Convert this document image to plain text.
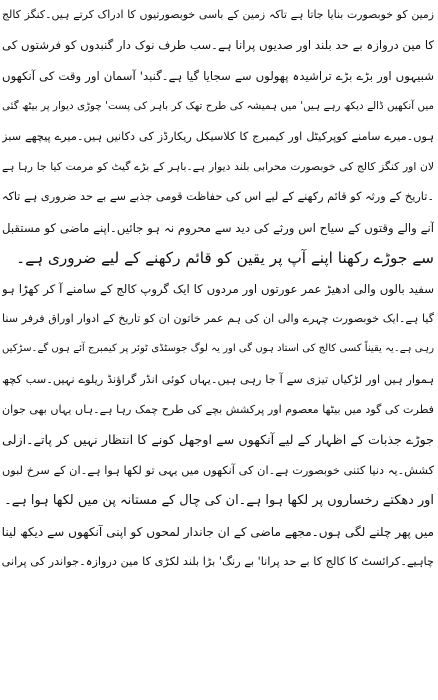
زمین کو خوبصورت بنایا جاتا ہے تاکہ زمین کے باسی خوبصورتیوں کا ادراک کرتے ہیں۔کنگز کالج
کا مین دروازہ بے حد بلند اور صدیوں پرانا ہے۔سب طرف نوک دار گنبدوں کو فرشتوں کی
شبیہوں اور بڑے بڑے تراشیدہ پھولوں سے سجایا گیا ہے۔گنبد' آسمان اور وقت کی آنکھوں
میں آنکھیں ڈالے دیکھ رہے ہیں' میں ہمیشہ کی طرح تھک کر باہر کی پست' چوڑی دیوار پر بیٹھ گئی
ہوں۔میرے سامنے کوپرکیٹل اور کیمبرج کا کلاسیکل ریکارڈز کی دکانیں ہیں۔میرے پیچھے سبز
لان اور کنگز کالج کی خوبصورت محرابی بلند دیوار ہے۔باہر کے بڑے گیٹ کو مرمت کیا جا رہا ہے
۔تاریخ کے ورثہ کو قائم رکھنے کے لیے اس کی حفاظت قومی جذبے سے بے حد ضروری ہے تاکہ
آنے والے وقتوں کے سیاح اس ورثے کی دید سے محروم نہ ہو جائیں۔اپنے ماضی کو مستقبل
سے جوڑے رکھنا اپنے آپ پر یقین کو قائم رکھنے کے لیے ضروری ہے۔
سفید بالوں والی ادھیڑ عمر عورتوں اور مردوں کا ایک گروپ کالج کے سامنے آ کر کھڑا ہو
گیا ہے۔ایک خوبصورت چہرے والی ان کی ہم عمر خاتون ان کو تاریخ کے ادوار اوراق فرفر سنا
رہی ہے۔یہ یقیناً کسی کالج کی استاد ہوں گی اور یہ لوگ جوسٹڈی ٹوئر پر کیمبرج آئے ہوں گے۔سڑکیں
ہموار ہیں اور لڑکیاں تیزی سے آ جا رہی ہیں۔یہاں کوئی انڈر گراؤنڈ ریلوے نہیں۔سب کچھ
فطرت کی گود میں بیٹھا معصوم اور پرکشش بچے کی طرح چمک رہا ہے۔ہاں یہاں بھی جوان
جوڑے جذبات کے اظہار کے لیے آنکھوں سے اوجھل کونے کا انتظار نہیں کر پاتے۔ازلی
کشش۔یہ دنیا کتنی خوبصورت ہے۔ان کی آنکھوں میں یہی تو لکھا ہوا ہے۔ان کے سرخ لبوں
اور دھکتے رخساروں پر لکھا ہوا ہے۔ان کی چال کے مستانہ پن میں لکھا ہوا ہے۔
میں پھر چلنے لگی ہوں۔مجھے ماضی کے ان جاندار لمحوں کو اپنی آنکھوں سے دیکھ لینا
چاہیے۔کرائسٹ کا کالج کا بے حد پرانا' بے رنگ' بڑا بلند لکڑی کا مین دروازہ۔جواندر کی پرانی
